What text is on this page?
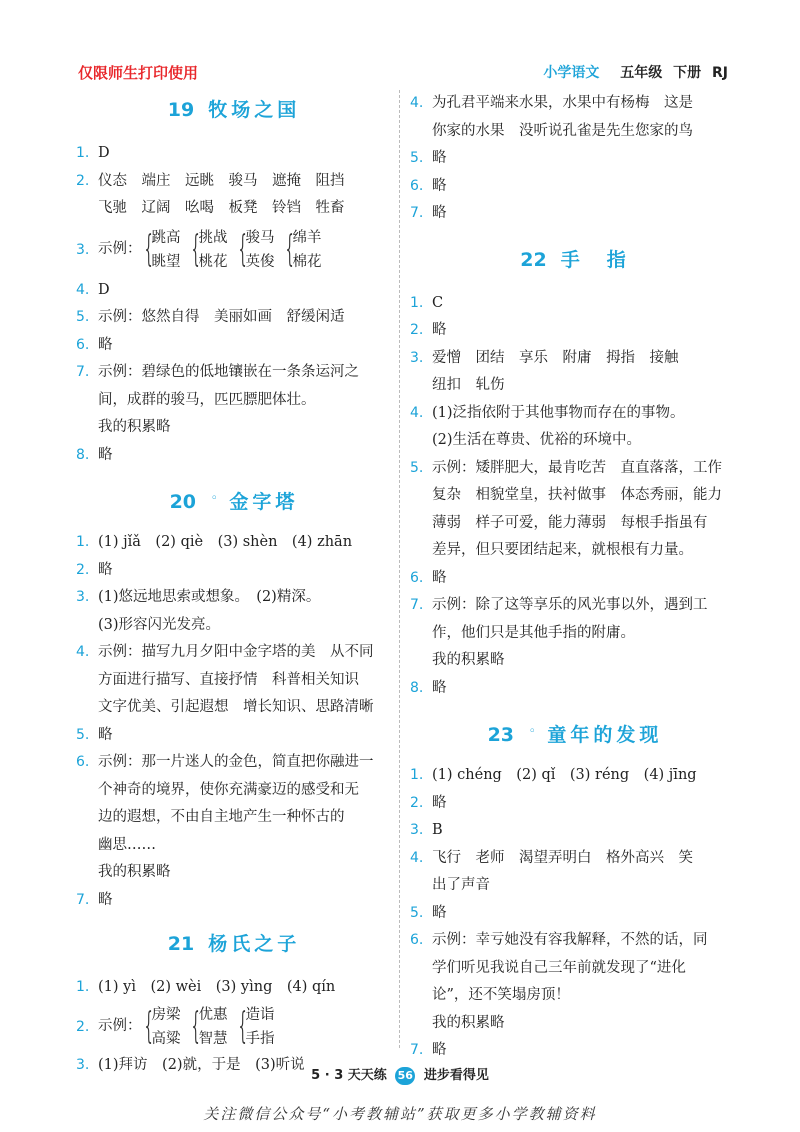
仅限师生打印使用	小学语文 五年级 下册 RJ
19 牧场之国
1. D
2. 仪态　端庄　远眺　骏马　遮掩　阻挡
飞驰　辽阔　吆喝　板凳　铃铛　牲畜
3. 示例： { 跳高
眺望 { 挑战
桃花 { 骏马
英俊 { 绵羊
棉花
4. D
5. 示例：悠然自得　美丽如画　舒缓闲适
6. 略
7. 示例：碧绿色的低地镶嵌在一条条运河之
间，成群的骏马，匹匹膘肥体壮。
我的积累略
8. 略
20 ◦ 金字塔
1. (1) jǐǎ　(2) qiè　(3) shèn　(4) zhān
2. 略
3. (1)悠远地思索或想象。　(2)精深。
(3)形容闪光发亮。
4. 示例：描写九月夕阳中金字塔的美　从不同
方面进行描写、直接抒情　科普相关知识
文字优美、引起遐想　增长知识、思路清晰
5. 略
6. 示例：那一片迷人的金色，简直把你融进一
个神奇的境界，使你充满豪迈的感受和无
边的遐想，不由自主地产生一种怀古的
幽思……
我的积累略
7. 略
21 杨氏之子
1. (1) yì　(2) wèi　(3) yìng　(4) qín
2. 示例： { 房梁
高粱 { 优惠
智慧 { 造诣
手指
3. (1)拜访　(2)就，于是　(3)听说
4. 为孔君平端来水果，水果中有杨梅　这是
你家的水果　没听说孔雀是先生您家的鸟
5. 略
6. 略
7. 略
22 手　指
1. C
2. 略
3. 爱憎　团结　享乐　附庸　拇指　接触
纽扣　轧伤
4. (1)泛指依附于其他事物而存在的事物。
(2)生活在尊贵、优裕的环境中。
5. 示例：矮胖肥大，最肯吃苦　直直落落，工作
复杂　相貌堂皇，扶衬做事　体态秀丽，能力
薄弱　样子可爱，能力薄弱　每根手指虽有
差异，但只要团结起来，就根根有力量。
6. 略
7. 示例：除了这等享乐的风光事以外，遇到工
作，他们只是其他手指的附庸。
我的积累略
8. 略
23 ◦ 童年的发现
1. (1) chéng　(2) qǐ　(3) réng　(4) jīng
2. 略
3. B
4. 飞行　老师　渴望弄明白　格外高兴　笑
出了声音
5. 略
6. 示例：幸亏她没有容我解释，不然的话，同
学们听见我说自己三年前就发现了“进化
论”，还不笑塌房顶！
我的积累略
7. 略
5 · 3 天天练 56 进步看得见
关注微信公众号“小考教辅站”获取更多小学教辅资料
